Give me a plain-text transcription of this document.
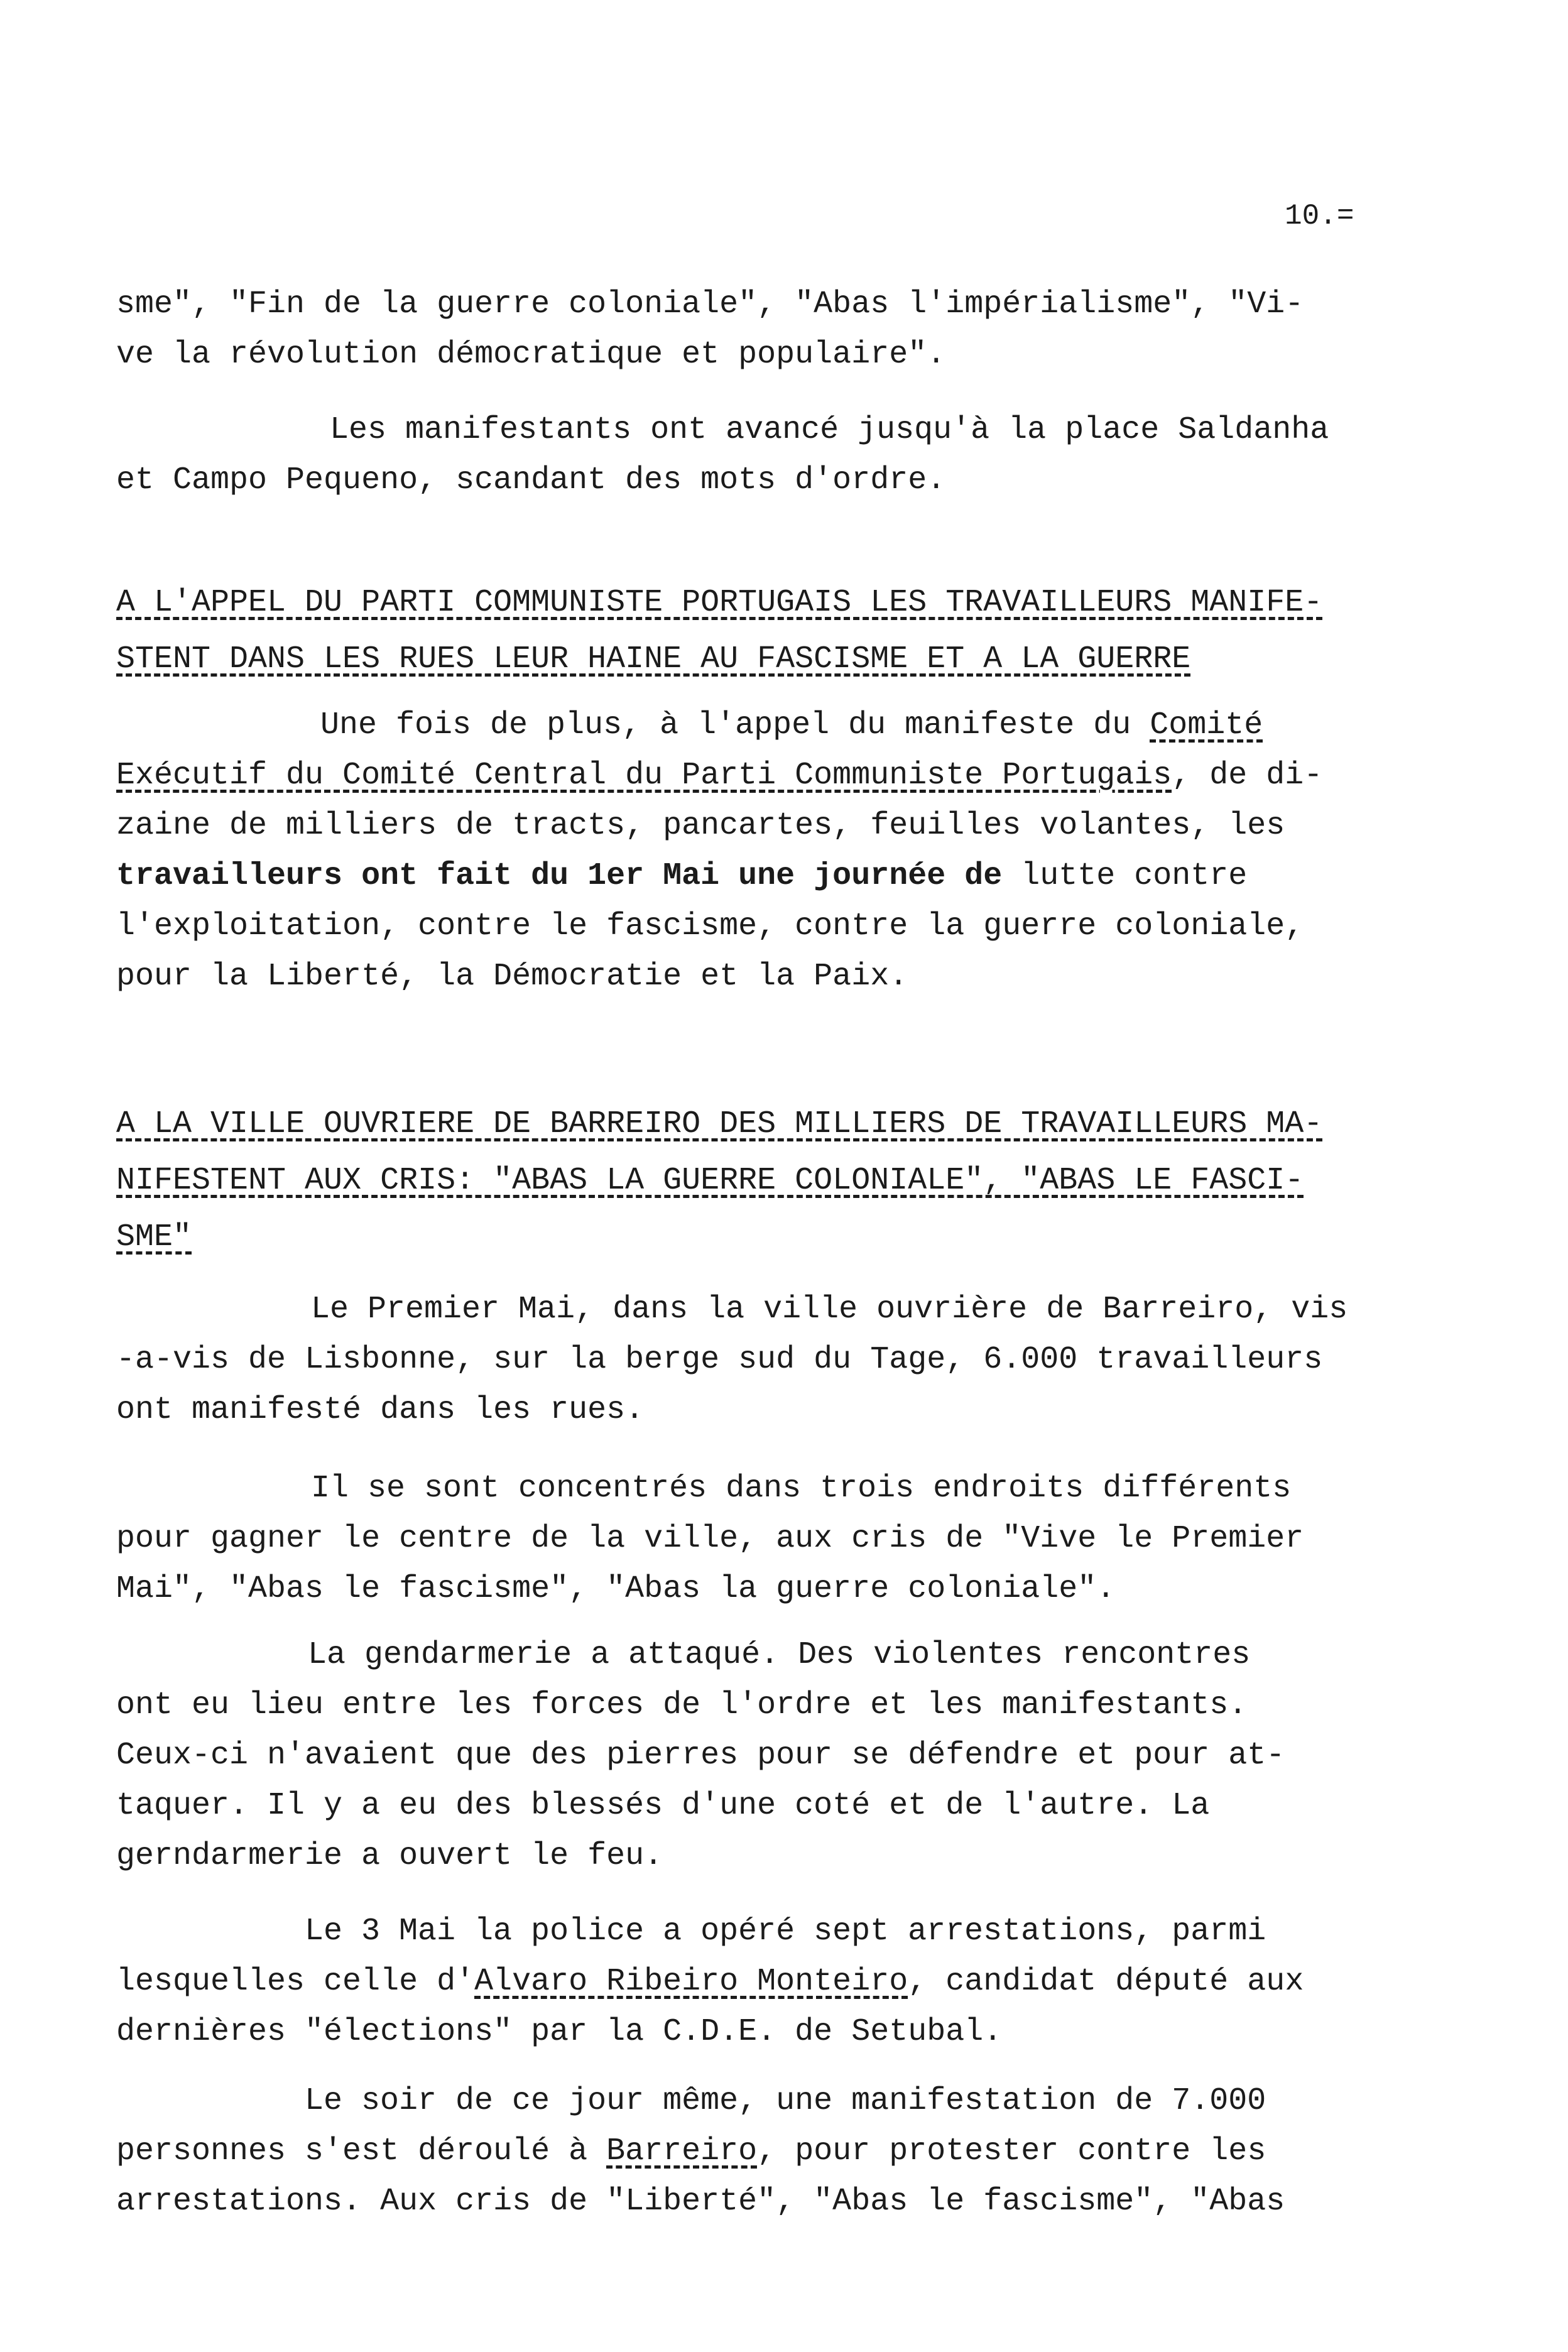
10.=
sme", "Fin de la guerre coloniale", "Abas l'impérialisme", "Vi-
ve la révolution démocratique et populaire".
Les manifestants ont avancé jusqu'à la place Saldanha
et Campo Pequeno, scandant des mots d'ordre.
A L'APPEL DU PARTI COMMUNISTE PORTUGAIS LES TRAVAILLEURS MANIFE-
STENT DANS LES RUES LEUR HAINE AU FASCISME ET A LA GUERRE
Une fois de plus, à l'appel du manifeste du Comité
Exécutif du Comité Central du Parti Communiste Portugais, de di-
zaine de milliers de tracts, pancartes, feuilles volantes, les
travailleurs ont fait du 1er Mai une journée de lutte contre
l'exploitation, contre le fascisme, contre la guerre coloniale,
pour la Liberté, la Démocratie et la Paix.
A LA VILLE OUVRIERE DE BARREIRO DES MILLIERS DE TRAVAILLEURS MA-
NIFESTENT AUX CRIS: "ABAS LA GUERRE COLONIALE", "ABAS LE FASCI-
SME"
Le Premier Mai, dans la ville ouvrière de Barreiro, vis
-a-vis de Lisbonne, sur la berge sud du Tage, 6.000 travailleurs
ont manifesté dans les rues.
Il se sont concentrés dans trois endroits différents
pour gagner le centre de la ville, aux cris de "Vive le Premier
Mai", "Abas le fascisme", "Abas la guerre coloniale".
La gendarmerie a attaqué. Des violentes rencontres
ont eu lieu entre les forces de l'ordre et les manifestants.
Ceux-ci n'avaient que des pierres pour se défendre et pour at-
taquer. Il y a eu des blessés d'une coté et de l'autre. La
gerndarmerie a ouvert le feu.
Le 3 Mai la police a opéré sept arrestations, parmi
lesquelles celle d'Alvaro Ribeiro Monteiro, candidat député aux
dernières "élections" par la C.D.E. de Setubal.
Le soir de ce jour même, une manifestation de 7.000
personnes s'est déroulé à Barreiro, pour protester contre les
arrestations. Aux cris de "Liberté", "Abas le fascisme", "Abas
